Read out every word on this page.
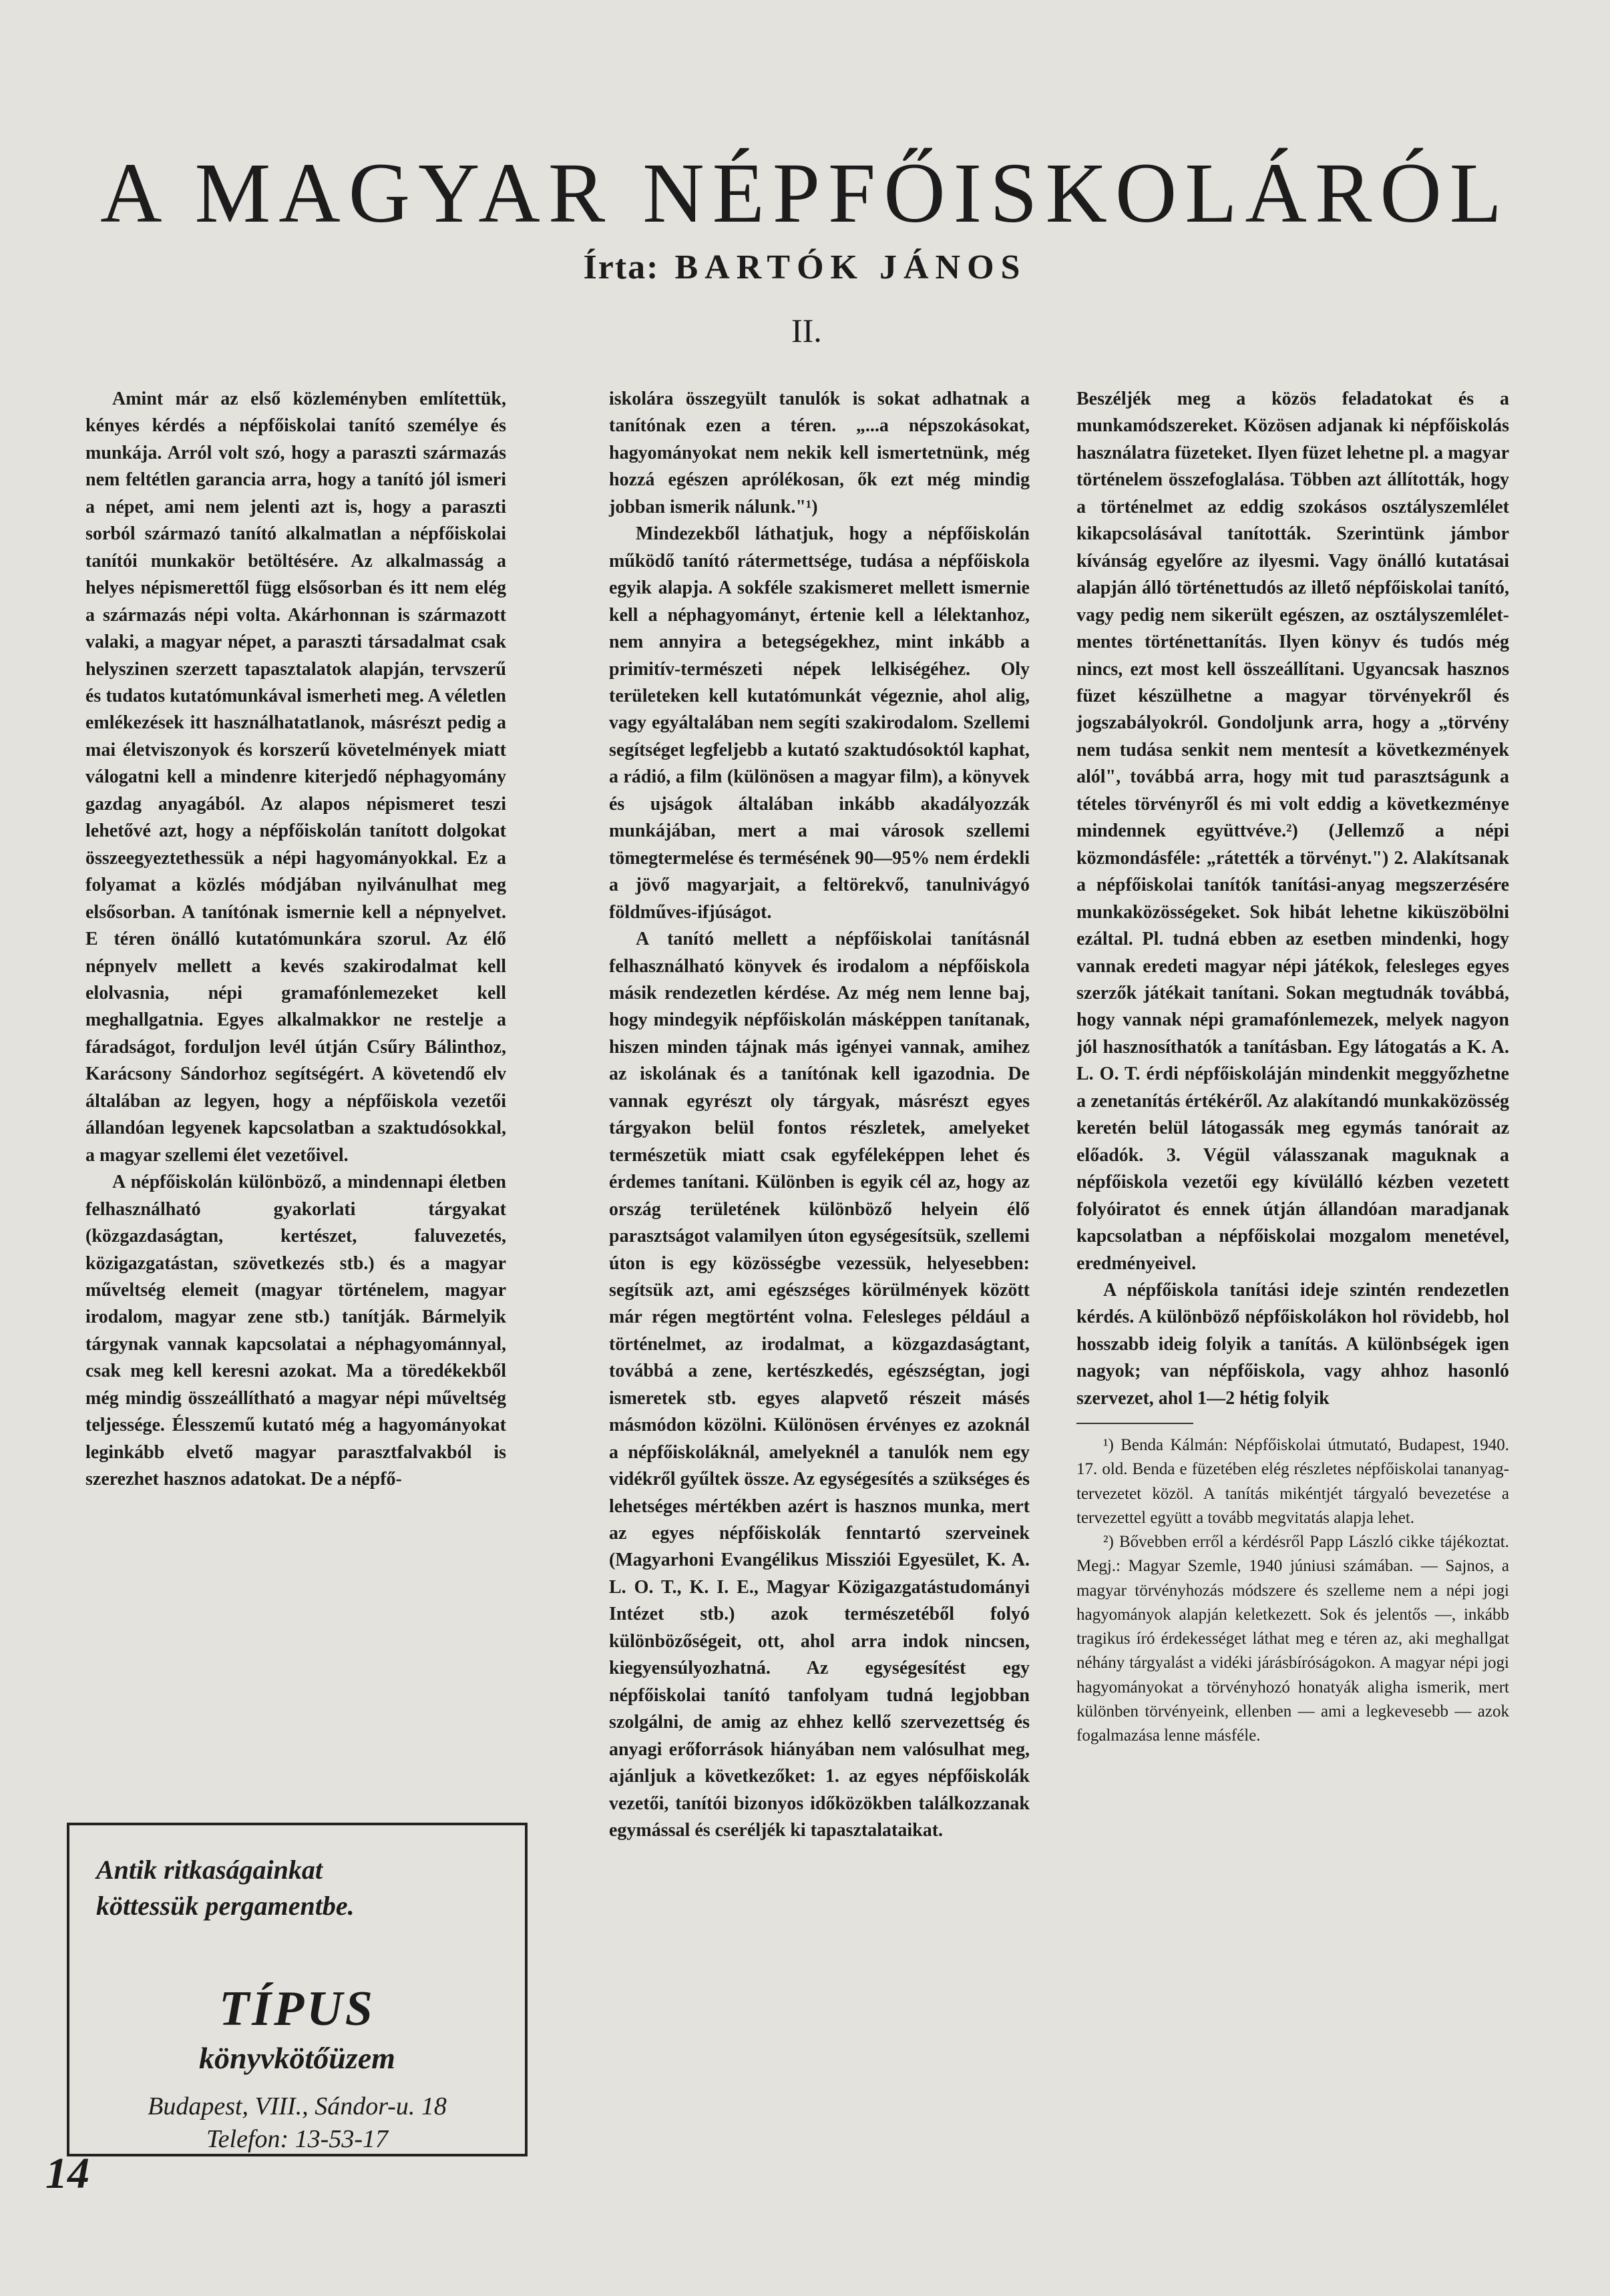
A MAGYAR NÉPFŐISKOLÁRÓL
Írta: BARTÓK JÁNOS
II.

Amint már az első közleményben említettük, kényes kérdés a népfőiskolai tanító személye és munkája. Arról volt szó, hogy a paraszti származás nem feltétlen garancia arra, hogy a tanító jól ismeri a népet, ami nem jelenti azt is, hogy a paraszti sorból származó tanító alkalmatlan a népfőiskolai tanítói munkakör betöltésére. Az alkalmasság a helyes népismerettől függ elsősorban és itt nem elég a származás népi volta. Akárhonnan is származott valaki, a magyar népet, a paraszti társadalmat csak helyszinen szerzett tapasztalatok alapján, tervszerű és tudatos kutatómunkával ismerheti meg. A véletlen emlékezések itt használhatatlanok, másrészt pedig a mai életviszonyok és korszerű követelmények miatt válogatni kell a mindenre kiterjedő néphagyomány gazdag anyagából. Az alapos népismeret teszi lehetővé azt, hogy a népfőiskolán tanított dolgokat összeegyeztethessük a népi hagyományokkal. Ez a folyamat a közlés módjában nyilvánulhat meg elsősorban. A tanítónak ismernie kell a népnyelvet. E téren önálló kutatómunkára szorul. Az élő népnyelv mellett a kevés szakirodalmat kell elolvasnia, népi gramafónlemezeket kell meghallgatnia. Egyes alkalmakkor ne restelje a fáradságot, forduljon levél útján Csűry Bálinthoz, Karácsony Sándorhoz segítségért. A követendő elv általában az legyen, hogy a népfőiskola vezetői állandóan legyenek kapcsolatban a szaktudósokkal, a magyar szellemi élet vezetőivel.

A népfőiskolán különböző, a mindennapi életben felhasználható gyakorlati tárgyakat (közgazdaságtan, kertészet, faluvezetés, közigazgatástan, szövetkezés stb.) és a magyar műveltség elemeit (magyar történelem, magyar irodalom, magyar zene stb.) tanítják. Bármelyik tárgynak vannak kapcsolatai a néphagyománnyal, csak meg kell keresni azokat. Ma a töredékekből még mindig összeállítható a magyar népi műveltség teljessége. Élesszemű kutató még a hagyományokat leginkább elvető magyar parasztfalvakból is szerezhet hasznos adatokat. De a népfő-

iskolára összegyült tanulók is sokat adhatnak a tanítónak ezen a téren. „...a népszokásokat, hagyományokat nem nekik kell ismertetnünk, még hozzá egészen aprólékosan, ők ezt még mindig jobban ismerik nálunk."¹)

Mindezekből láthatjuk, hogy a népfőiskolán működő tanító rátermettsége, tudása a népfőiskola egyik alapja. A sokféle szakismeret mellett ismernie kell a néphagyományt, értenie kell a lélektanhoz, nem annyira a betegségekhez, mint inkább a primitív-természeti népek lelkiségéhez. Oly területeken kell kutatómunkát végeznie, ahol alig, vagy egyáltalában nem segíti szakirodalom. Szellemi segítséget legfeljebb a kutató szaktudósoktól kaphat, a rádió, a film (különösen a magyar film), a könyvek és ujságok általában inkább akadályozzák munkájában, mert a mai városok szellemi tömegtermelése és termésének 90—95% nem érdekli a jövő magyarjait, a feltörekvő, tanulnivágyó földműves-ifjúságot.

A tanító mellett a népfőiskolai tanításnál felhasználható könyvek és irodalom a népfőiskola másik rendezetlen kérdése. Az még nem lenne baj, hogy mindegyik népfőiskolán másképpen tanítanak, hiszen minden tájnak más igényei vannak, amihez az iskolának és a tanítónak kell igazodnia. De vannak egyrészt oly tárgyak, másrészt egyes tárgyakon belül fontos részletek, amelyeket természetük miatt csak egyféleképpen lehet és érdemes tanítani. Különben is egyik cél az, hogy az ország területének különböző helyein élő parasztságot valamilyen úton egységesítsük, szellemi úton is egy közösségbe vezessük, helyesebben: segítsük azt, ami egészséges körülmények között már régen megtörtént volna. Felesleges például a történelmet, az irodalmat, a közgazdaságtant, továbbá a zene, kertészkedés, egészségtan, jogi ismeretek stb. egyes alapvető részeit másés másmódon közölni. Különösen érvényes ez azoknál a népfőiskoláknál, amelyeknél a tanulók nem egy vidékről gyűltek össze. Az egységesítés a szükséges és lehetséges mértékben azért is hasznos munka, mert az egyes népfőiskolák fenntartó szerveinek (Magyarhoni Evangélikus Missziói Egyesület, K. A. L. O. T., K. I. E., Magyar Közigazgatástudományi Intézet stb.) azok természetéből folyó különbözőségeit, ott, ahol arra indok nincsen, kiegyensúlyozhatná. Az egységesítést egy népfőiskolai tanító tanfolyam tudná legjobban szolgálni, de amig az ehhez kellő szervezettség és anyagi erőforrások hiányában nem valósulhat meg, ajánljuk a következőket: 1. az egyes népfőiskolák vezetői, tanítói bizonyos időközökben találkozzanak egymással és cseréljék ki tapasztalataikat.

Beszéljék meg a közös feladatokat és a munkamódszereket. Közösen adjanak ki népfőiskolás használatra füzeteket. Ilyen füzet lehetne pl. a magyar történelem összefoglalása. Többen azt állították, hogy a történelmet az eddig szokásos osztályszemlélet kikapcsolásával tanították. Szerintünk jámbor kívánság egyelőre az ilyesmi. Vagy önálló kutatásai alapján álló történettudós az illető népfőiskolai tanító, vagy pedig nem sikerült egészen, az osztályszemlélet-mentes történettanítás. Ilyen könyv és tudós még nincs, ezt most kell összeállítani. Ugyancsak hasznos füzet készülhetne a magyar törvényekről és jogszabályokról. Gondoljunk arra, hogy a „törvény nem tudása senkit nem mentesít a következmények alól", továbbá arra, hogy mit tud parasztságunk a tételes törvényről és mi volt eddig a következménye mindennek együttvéve.²) (Jellemző a népi közmondásféle: „rátették a törvényt.") 2. Alakítsanak a népfőiskolai tanítók tanítási-anyag megszerzésére munkaközösségeket. Sok hibát lehetne kiküszöbölni ezáltal. Pl. tudná ebben az esetben mindenki, hogy vannak eredeti magyar népi játékok, felesleges egyes szerzők játékait tanítani. Sokan megtudnák továbbá, hogy vannak népi gramafónlemezek, melyek nagyon jól hasznosíthatók a tanításban. Egy látogatás a K. A. L. O. T. érdi népfőiskoláján mindenkit meggyőzhetne a zenetanítás értékéről. Az alakítandó munkaközösség keretén belül látogassák meg egymás tanórait az előadók. 3. Végül válasszanak maguknak a népfőiskola vezetői egy kívülálló kézben vezetett folyóiratot és ennek útján állandóan maradjanak kapcsolatban a népfőiskolai mozgalom menetével, eredményeivel.

A népfőiskola tanítási ideje szintén rendezetlen kérdés. A különböző népfőiskolákon hol rövidebb, hol hosszabb ideig folyik a tanítás. A különbségek igen nagyok; van népfőiskola, vagy ahhoz hasonló szervezet, ahol 1—2 hétig folyik

¹) Benda Kálmán: Népfőiskolai útmutató, Budapest, 1940. 17. old. Benda e füzetében elég részletes népfőiskolai tananyag-tervezetet közöl. A tanítás mikéntjét tárgyaló bevezetése a tervezettel együtt a tovább megvitatás alapja lehet.

²) Bővebben erről a kérdésről Papp László cikke tájékoztat. Megj.: Magyar Szemle, 1940 júniusi számában. — Sajnos, a magyar törvényhozás módszere és szelleme nem a népi jogi hagyományok alapján keletkezett. Sok és jelentős —, inkább tragikus író érdekességet láthat meg e téren az, aki meghallgat néhány tárgyalást a vidéki járásbíróságokon. A magyar népi jogi hagyományokat a törvényhozó honatyák aligha ismerik, mert különben törvényeink, ellenben — ami a legkevesebb — azok fogalmazása lenne másféle.

Antik ritkaságainkat
köttessük pergamentbe.
TÍPUS
könyvkötőüzem
Budapest, VIII., Sándor-u. 18
Telefon: 13-53-17
14
